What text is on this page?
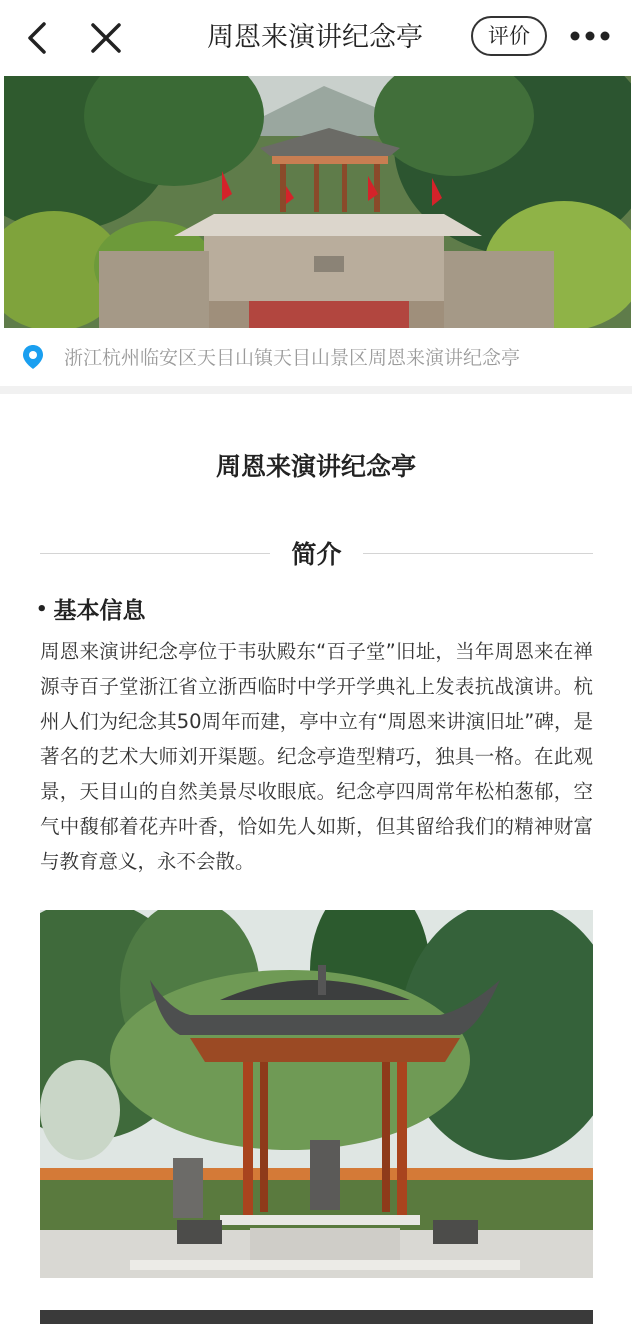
周恩来演讲纪念亭	评价
浙江杭州临安区天目山镇天目山景区周恩来演讲纪念亭
周恩来演讲纪念亭
简介
• 基本信息
周恩来演讲纪念亭位于韦驮殿东“百子堂”旧址，当年周恩来在禅源寺百子堂浙江省立浙西临时中学开学典礼上发表抗战演讲。杭州人们为纪念其50周年而建，亭中立有“周恩来讲演旧址”碑，是著名的艺术大师刘开渠题。纪念亭造型精巧，独具一格。在此观景，天目山的自然美景尽收眼底。纪念亭四周常年松柏葱郁，空气中馥郁着花卉叶香，恰如先人如斯，但其留给我们的精神财富与教育意义，永不会散。
